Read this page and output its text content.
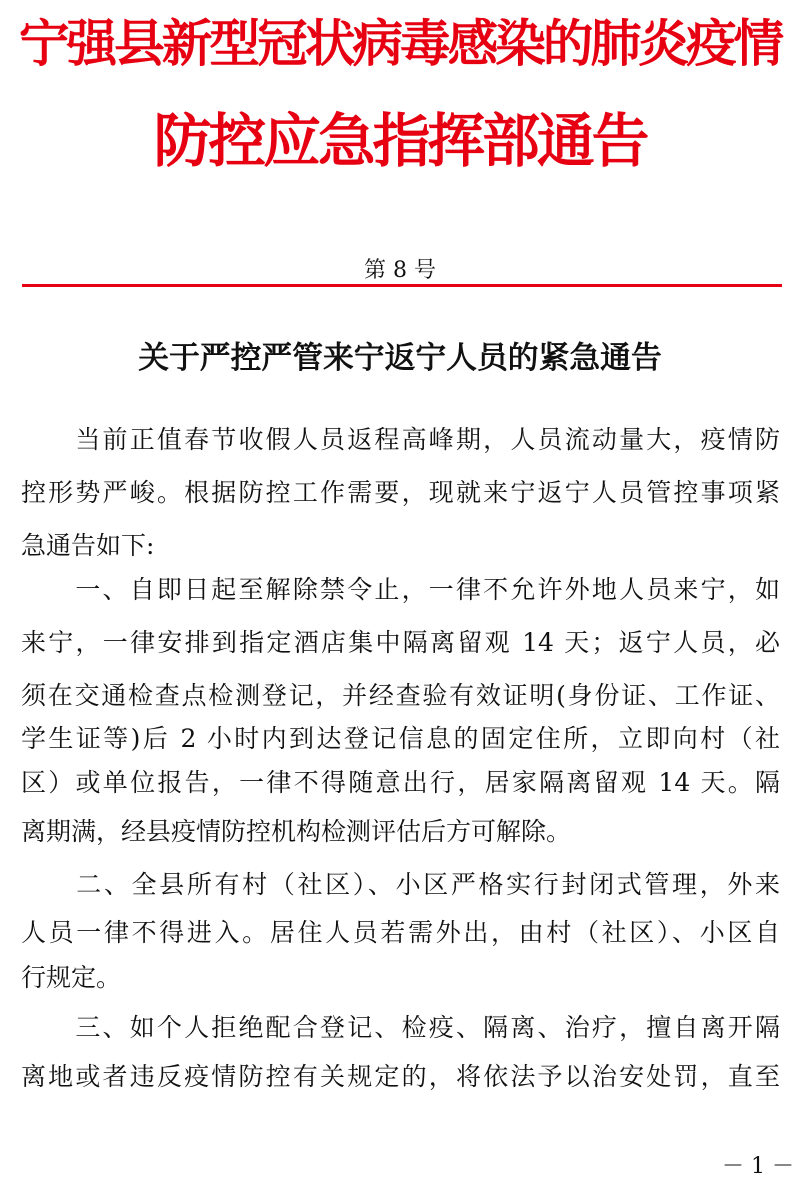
宁强县新型冠状病毒感染的肺炎疫情
防控应急指挥部通告
第 8 号
关于严控严管来宁返宁人员的紧急通告
　　当前正值春节收假人员返程高峰期，人员流动量大，疫情防
控形势严峻。根据防控工作需要，现就来宁返宁人员管控事项紧
急通告如下:
　　一、自即日起至解除禁令止，一律不允许外地人员来宁，如
来宁，一律安排到指定酒店集中隔离留观 14 天；返宁人员，必
须在交通检查点检测登记，并经查验有效证明(身份证、工作证、
学生证等)后 2 小时内到达登记信息的固定住所，立即向村（社
区）或单位报告，一律不得随意出行，居家隔离留观 14 天。隔
离期满，经县疫情防控机构检测评估后方可解除。
　　二、全县所有村（社区）、小区严格实行封闭式管理，外来
人员一律不得进入。居住人员若需外出，由村（社区）、小区自
行规定。
　　三、如个人拒绝配合登记、检疫、隔离、治疗，擅自离开隔
离地或者违反疫情防控有关规定的，将依法予以治安处罚，直至
－ 1 －
